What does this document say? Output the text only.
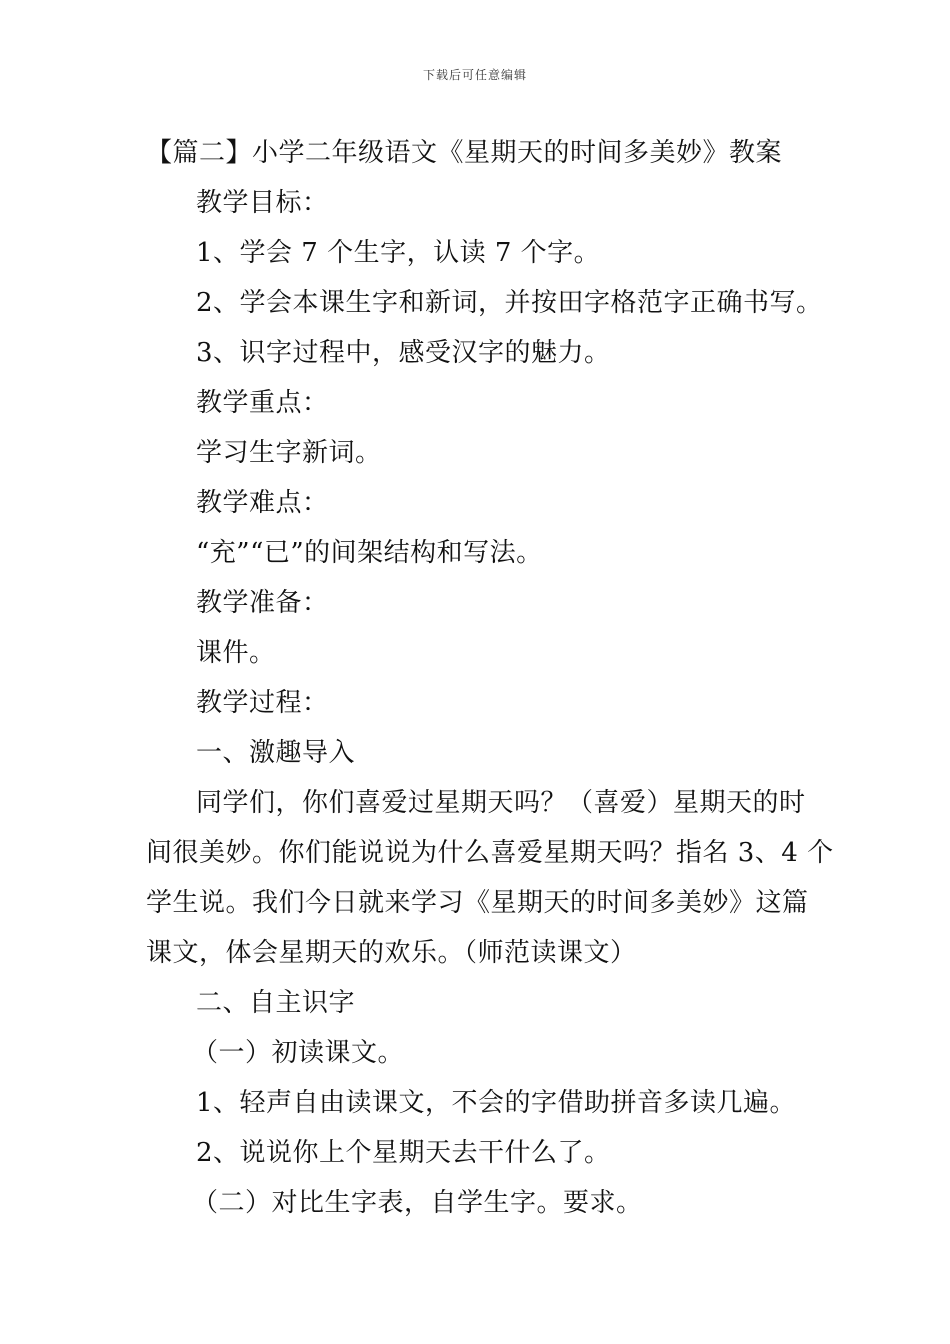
下载后可任意编辑
【篇二】小学二年级语文《星期天的时间多美妙》教案
教学目标：
1、学会 7 个生字，认读 7 个字。
2、学会本课生字和新词，并按田字格范字正确书写。
3、识字过程中，感受汉字的魅力。
教学重点：
学习生字新词。
教学难点：
“充”“已”的间架结构和写法。
教学准备：
课件。
教学过程：
一、激趣导入
同学们，你们喜爱过星期天吗？（喜爱）星期天的时
间很美妙。你们能说说为什么喜爱星期天吗？指名 3、4 个
学生说。我们今日就来学习《星期天的时间多美妙》这篇
课文，体会星期天的欢乐。（师范读课文）
二、自主识字
（一）初读课文。
1、轻声自由读课文，不会的字借助拼音多读几遍。
2、说说你上个星期天去干什么了。
（二）对比生字表，自学生字。要求。
